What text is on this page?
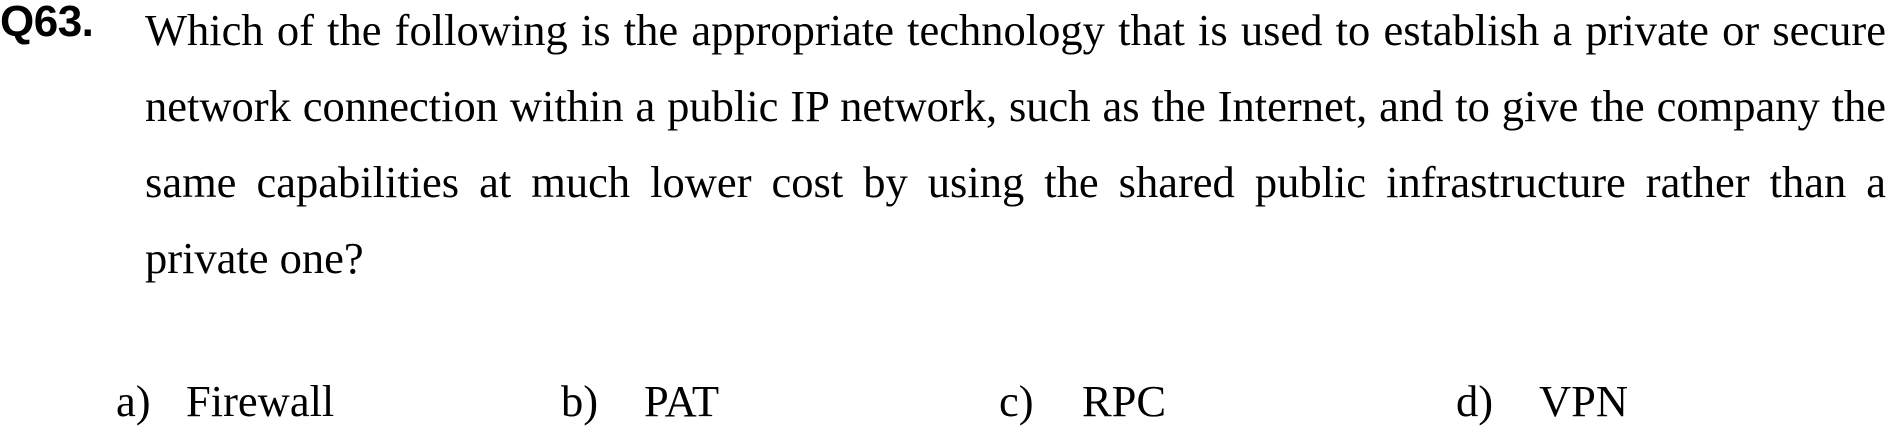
Q63. Which of the following is the appropriate technology that is used to establish a private or secure network connection within a public IP network, such as the Internet, and to give the company the same capabilities at much lower cost by using the shared public infrastructure rather than a private one?
a) Firewall	b) PAT	c) RPC	d) VPN
